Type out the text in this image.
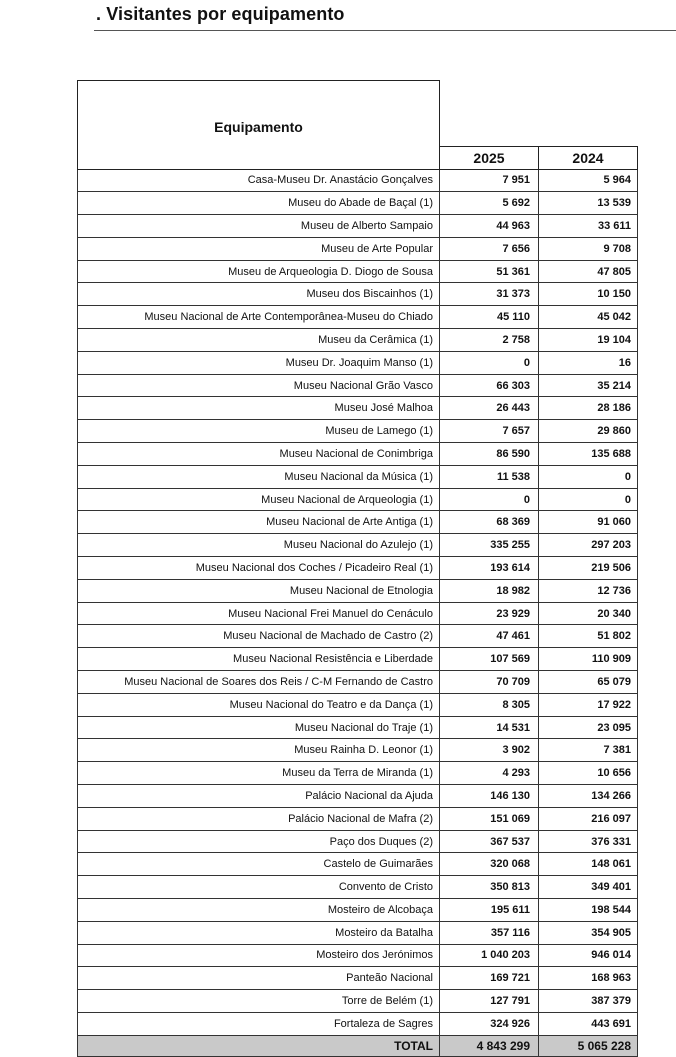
. Visitantes por equipamento
Equipamento		
	2025	2024
Casa-Museu Dr. Anastácio Gonçalves	7 951	5 964
Museu do Abade de Baçal (1)	5 692	13 539
Museu de Alberto Sampaio	44 963	33 611
Museu de Arte Popular	7 656	9 708
Museu de Arqueologia D. Diogo de Sousa	51 361	47 805
Museu dos Biscainhos (1)	31 373	10 150
Museu Nacional de Arte Contemporânea-Museu do Chiado	45 110	45 042
Museu da Cerâmica (1)	2 758	19 104
Museu Dr. Joaquim Manso (1)	0	16
Museu Nacional Grão Vasco	66 303	35 214
Museu José Malhoa	26 443	28 186
Museu de Lamego (1)	7 657	29 860
Museu Nacional de Conimbriga	86 590	135 688
Museu Nacional da Música (1)	11 538	0
Museu Nacional de Arqueologia (1)	0	0
Museu Nacional de Arte Antiga (1)	68 369	91 060
Museu Nacional do Azulejo (1)	335 255	297 203
Museu Nacional dos Coches / Picadeiro Real (1)	193 614	219 506
Museu Nacional de Etnologia	18 982	12 736
Museu Nacional Frei Manuel do Cenáculo	23 929	20 340
Museu Nacional de Machado de Castro (2)	47 461	51 802
Museu Nacional Resistência e Liberdade	107 569	110 909
Museu Nacional de Soares dos Reis / C-M Fernando de Castro	70 709	65 079
Museu Nacional do Teatro e da Dança (1)	8 305	17 922
Museu Nacional do Traje (1)	14 531	23 095
Museu Rainha D. Leonor (1)	3 902	7 381
Museu da Terra de Miranda (1)	4 293	10 656
Palácio Nacional da Ajuda	146 130	134 266
Palácio Nacional de Mafra (2)	151 069	216 097
Paço dos Duques (2)	367 537	376 331
Castelo de Guimarães	320 068	148 061
Convento de Cristo	350 813	349 401
Mosteiro de Alcobaça	195 611	198 544
Mosteiro da Batalha	357 116	354 905
Mosteiro dos Jerónimos	1 040 203	946 014
Panteão Nacional	169 721	168 963
Torre de Belém (1)	127 791	387 379
Fortaleza de Sagres	324 926	443 691
TOTAL	4 843 299	5 065 228
